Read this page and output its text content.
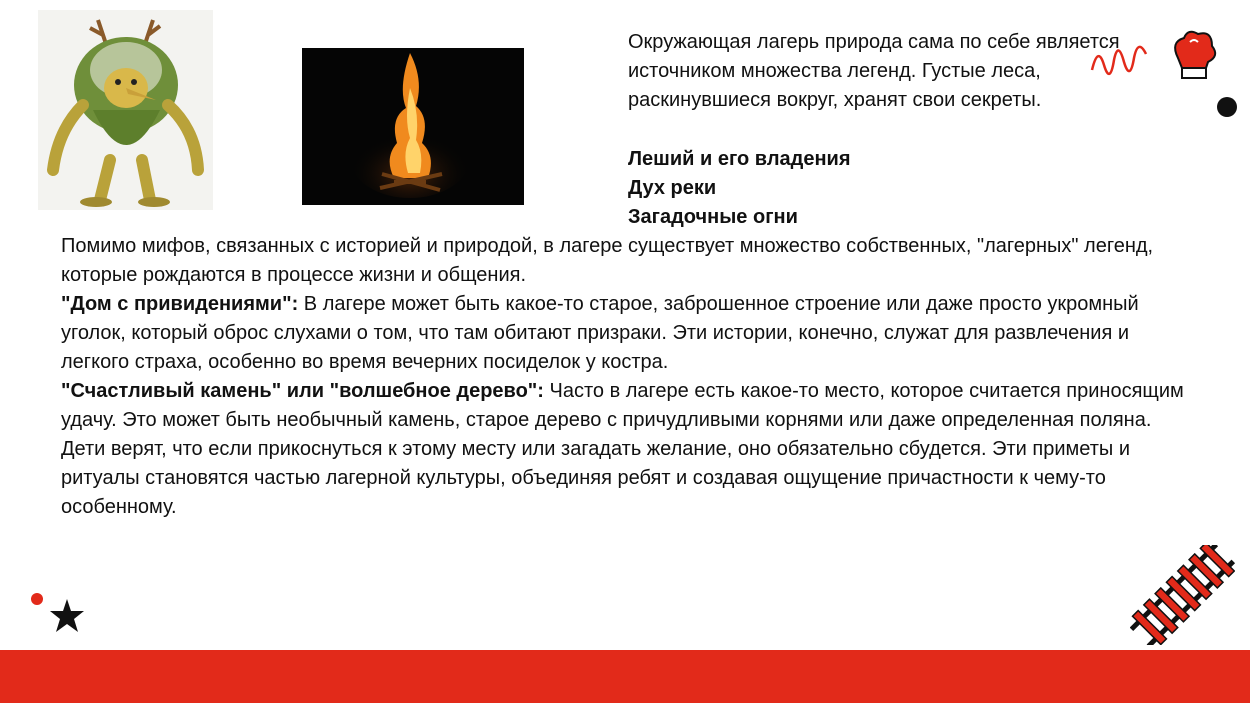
Окружающая лагерь природа сама по себе является источником множества легенд. Густые леса, раскинувшиеся вокруг, хранят свои секреты.

Леший и его владения
Дух реки
Загадочные огни

Помимо мифов, связанных с историей и природой, в лагере существует множество собственных, "лагерных" легенд, которые рождаются в процессе жизни и общения.

"Дом с привидениями": В лагере может быть какое-то старое, заброшенное строение или даже просто укромный уголок, который оброс слухами о том, что там обитают призраки. Эти истории, конечно, служат для развлечения и легкого страха, особенно во время вечерних посиделок у костра.

"Счастливый камень" или "волшебное дерево": Часто в лагере есть какое-то место, которое считается приносящим удачу. Это может быть необычный камень, старое дерево с причудливыми корнями или даже определенная поляна. Дети верят, что если прикоснуться к этому месту или загадать желание, оно обязательно сбудется. Эти приметы и ритуалы становятся частью лагерной культуры, объединяя ребят и создавая ощущение причастности к чему-то особенному.
